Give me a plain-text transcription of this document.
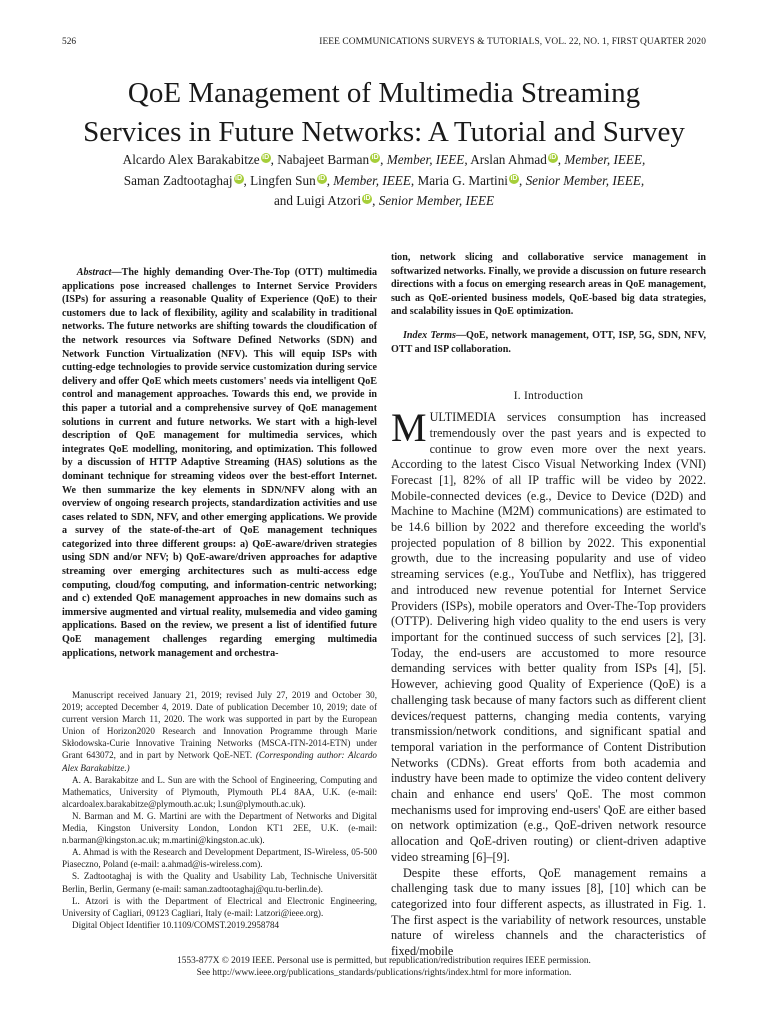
526	IEEE COMMUNICATIONS SURVEYS & TUTORIALS, VOL. 22, NO. 1, FIRST QUARTER 2020
QoE Management of Multimedia Streaming
Services in Future Networks: A Tutorial and Survey
Alcardo Alex Barakabitze iD , Nabajeet Barman iD , Member, IEEE, Arslan Ahmad iD , Member, IEEE,
Saman Zadtootaghaj iD , Lingfen Sun iD , Member, IEEE, Maria G. Martini iD , Senior Member, IEEE,
and Luigi Atzori iD , Senior Member, IEEE
Abstract—The highly demanding Over-The-Top (OTT) multimedia applications pose increased challenges to Internet Service Providers (ISPs) for assuring a reasonable Quality of Experience (QoE) to their customers due to lack of flexibility, agility and scalability in traditional networks. The future networks are shifting towards the cloudification of the network resources via Software Defined Networks (SDN) and Network Function Virtualization (NFV). This will equip ISPs with cutting-edge technologies to provide service customization during service delivery and offer QoE which meets customers' needs via intelligent QoE control and management approaches. Towards this end, we provide in this paper a tutorial and a comprehensive survey of QoE management solutions in current and future networks. We start with a high-level description of QoE management for multimedia services, which integrates QoE modelling, monitoring, and optimization. This followed by a discussion of HTTP Adaptive Streaming (HAS) solutions as the dominant technique for streaming videos over the best-effort Internet. We then summarize the key elements in SDN/NFV along with an overview of ongoing research projects, standardization activities and use cases related to SDN, NFV, and other emerging applications. We provide a survey of the state-of-the-art of QoE management techniques categorized into three different groups: a) QoE-aware/driven strategies using SDN and/or NFV; b) QoE-aware/driven approaches for adaptive streaming over emerging architectures such as multi-access edge computing, cloud/fog computing, and information-centric networking; and c) extended QoE management approaches in new domains such as immersive augmented and virtual reality, mulsemedia and video gaming applications. Based on the review, we present a list of identified future QoE management challenges regarding emerging multimedia applications, network management and orchestra-

Manuscript received January 21, 2019; revised July 27, 2019 and October 30, 2019; accepted December 4, 2019. Date of publication December 10, 2019; date of current version March 11, 2020. The work was supported in part by the European Union of Horizon2020 Research and Innovation Programme through Marie Skłodowska-Curie Innovative Training Networks (MSCA-ITN-2014-ETN) under Grant 643072, and in part by Network QoE-NET. (Corresponding author: Alcardo Alex Barakabitze.)

A. A. Barakabitze and L. Sun are with the School of Engineering, Computing and Mathematics, University of Plymouth, Plymouth PL4 8AA, U.K. (e-mail: alcardoalex.barakabitze@plymouth.ac.uk; l.sun@plymouth.ac.uk).

N. Barman and M. G. Martini are with the Department of Networks and Digital Media, Kingston University London, London KT1 2EE, U.K. (e-mail: n.barman@kingston.ac.uk; m.martini@kingston.ac.uk).

A. Ahmad is with the Research and Development Department, IS-Wireless, 05-500 Piaseczno, Poland (e-mail: a.ahmad@is-wireless.com).

S. Zadtootaghaj is with the Quality and Usability Lab, Technische Universität Berlin, Berlin, Germany (e-mail: saman.zadtootaghaj@qu.tu-berlin.de).

L. Atzori is with the Department of Electrical and Electronic Engineering, University of Cagliari, 09123 Cagliari, Italy (e-mail: l.atzori@ieee.org).

Digital Object Identifier 10.1109/COMST.2019.2958784

tion, network slicing and collaborative service management in softwarized networks. Finally, we provide a discussion on future research directions with a focus on emerging research areas in QoE management, such as QoE-oriented business models, QoE-based big data strategies, and scalability issues in QoE optimization.
Index Terms—QoE, network management, OTT, ISP, 5G, SDN, NFV, OTT and ISP collaboration.
I. Introduction

MULTIMEDIA services consumption has increased tremendously over the past years and is expected to continue to grow even more over the next years. According to the latest Cisco Visual Networking Index (VNI) Forecast [1], 82% of all IP traffic will be video by 2022. Mobile-connected devices (e.g., Device to Device (D2D) and Machine to Machine (M2M) communications) are estimated to be 14.6 billion by 2022 and therefore exceeding the world's projected population of 8 billion by 2022. This exponential growth, due to the increasing popularity and use of video streaming services (e.g., YouTube and Netflix), has triggered and introduced new revenue potential for Internet Service Providers (ISPs), mobile operators and Over-The-Top providers (OTTP). Delivering high video quality to the end users is very important for the continued success of such services [2], [3]. Today, the end-users are accustomed to more resource demanding services with better quality from ISPs [4], [5]. However, achieving good Quality of Experience (QoE) is a challenging task because of many factors such as different client devices/request patterns, changing media contents, varying transmission/network conditions, and significant spatial and temporal variation in the performance of Content Distribution Networks (CDNs). Great efforts from both academia and industry have been made to optimize the video content delivery chain and enhance end users' QoE. The most common mechanisms used for improving end-users' QoE are either based on network optimization (e.g., QoE-driven network resource allocation and QoE-driven routing) or client-driven adaptive video streaming [6]–[9].

Despite these efforts, QoE management remains a challenging task due to many issues [8], [10] which can be categorized into four different aspects, as illustrated in Fig. 1. The first aspect is the variability of network resources, unstable nature of wireless channels and the characteristics of fixed/mobile

1553-877X © 2019 IEEE. Personal use is permitted, but republication/redistribution requires IEEE permission.
See http://www.ieee.org/publications_standards/publications/rights/index.html for more information.
